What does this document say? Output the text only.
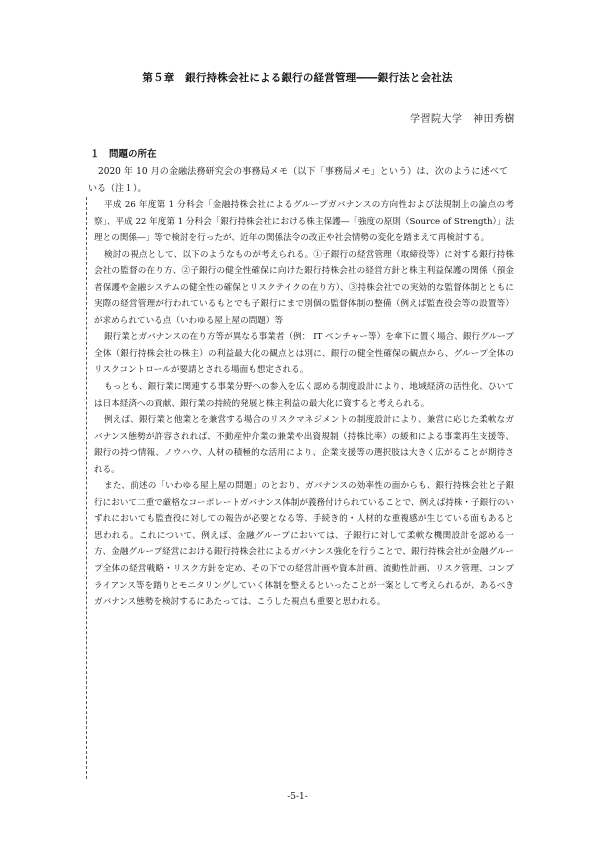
第５章　銀行持株会社による銀行の経営管理――銀行法と会社法
学習院大学　神田秀樹
１　問題の所在

2020 年 10 月の金融法務研究会の事務局メモ（以下「事務局メモ」という）は、次のように述べている（注１）。

平成 26 年度第 1 分科会「金融持株会社によるグループガバナンスの方向性および法規制上の論点の考察」、平成 22 年度第 1 分科会「銀行持株会社における株主保護―「強度の原則（Source of Strength）」法理との関係―」等で検討を行ったが、近年の関係法令の改正や社会情勢の変化を踏まえて再検討する。

検討の視点として、以下のようなものが考えられる。①子銀行の経営管理（取締役等）に対する銀行持株会社の監督の在り方、②子銀行の健全性確保に向けた銀行持株会社の経営方針と株主利益保護の関係（預金者保護や金融システムの健全性の確保とリスクテイクの在り方）、③持株会社での実効的な監督体制とともに実際の経営管理が行われているもとでも子銀行にまで別個の監督体制の整備（例えば監査役会等の設置等）が求められている点（いわゆる屋上屋の問題）等

銀行業とガバナンスの在り方等が異なる事業者（例： IT ベンチャー等）を傘下に置く場合、銀行グループ全体（銀行持株会社の株主）の利益最大化の観点とは別に、銀行の健全性確保の観点から、グループ全体のリスクコントロールが要請とされる場面も想定される。

もっとも、銀行業に関連する事業分野への参入を広く認める制度設計により、地域経済の活性化、ひいては日本経済への貢献、銀行業の持続的発展と株主利益の最大化に資すると考えられる。

例えば、銀行業と他業とを兼営する場合のリスクマネジメントの制度設計により、兼営に応じた柔軟なガバナンス態勢が許容されれば、不動産仲介業の兼業や出資規制（持株比率）の緩和による事業再生支援等、銀行の持つ情報、ノウハウ、人材の積極的な活用により、企業支援等の選択肢は大きく広がることが期待される。

また、前述の「いわゆる屋上屋の問題」のとおり、ガバナンスの効率性の面からも、銀行持株会社と子銀行において二重で厳格なコーポレートガバナンス体制が義務付けられていることで、例えば持株・子銀行のいずれにおいても監査役に対しての報告が必要となる等、手続き的・人材的な重複感が生じている面もあると思われる。これについて、例えば、金融グループにおいては、子銀行に対して柔軟な機関設計を認める一方、金融グループ経営における銀行持株会社によるガバナンス強化を行うことで、銀行持株会社が金融グループ全体の経営戦略・リスク方針を定め、その下での経営計画や資本計画、流動性計画、リスク管理、コンプライアンス等を踏りとモニタリングしていく体制を整えるといったことが一案として考えられるが、あるべきガバナンス態勢を検討するにあたっては、こうした視点も重要と思われる。

-5-1-
